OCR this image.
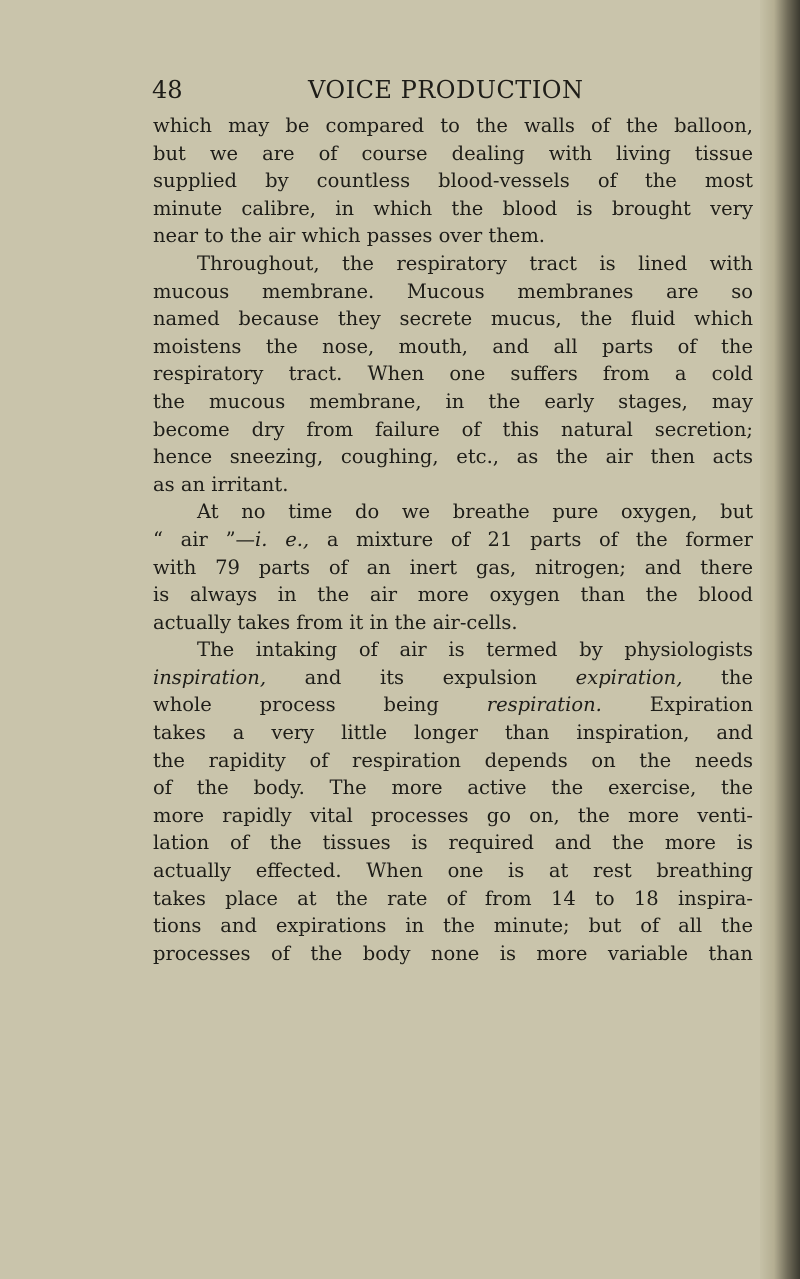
48	VOICE PRODUCTION
which may be compared to the walls of the balloon,
but we are of course dealing with living tissue
supplied by countless blood-vessels of the most
minute calibre, in which the blood is brought very
near to the air which passes over them.
Throughout, the respiratory tract is lined with
mucous membrane. Mucous membranes are so
named because they secrete mucus, the fluid which
moistens the nose, mouth, and all parts of the
respiratory tract. When one suffers from a cold
the mucous membrane, in the early stages, may
become dry from failure of this natural secretion;
hence sneezing, coughing, etc., as the air then acts
as an irritant.
At no time do we breathe pure oxygen, but
“ air ”—i. e., a mixture of 21 parts of the former
with 79 parts of an inert gas, nitrogen; and there
is always in the air more oxygen than the blood
actually takes from it in the air-cells.
The intaking of air is termed by physiologists
inspiration, and its expulsion expiration, the
whole process being respiration. Expiration
takes a very little longer than inspiration, and
the rapidity of respiration depends on the needs
of the body. The more active the exercise, the
more rapidly vital processes go on, the more venti-
lation of the tissues is required and the more is
actually effected. When one is at rest breathing
takes place at the rate of from 14 to 18 inspira-
tions and expirations in the minute; but of all the
processes of the body none is more variable than
